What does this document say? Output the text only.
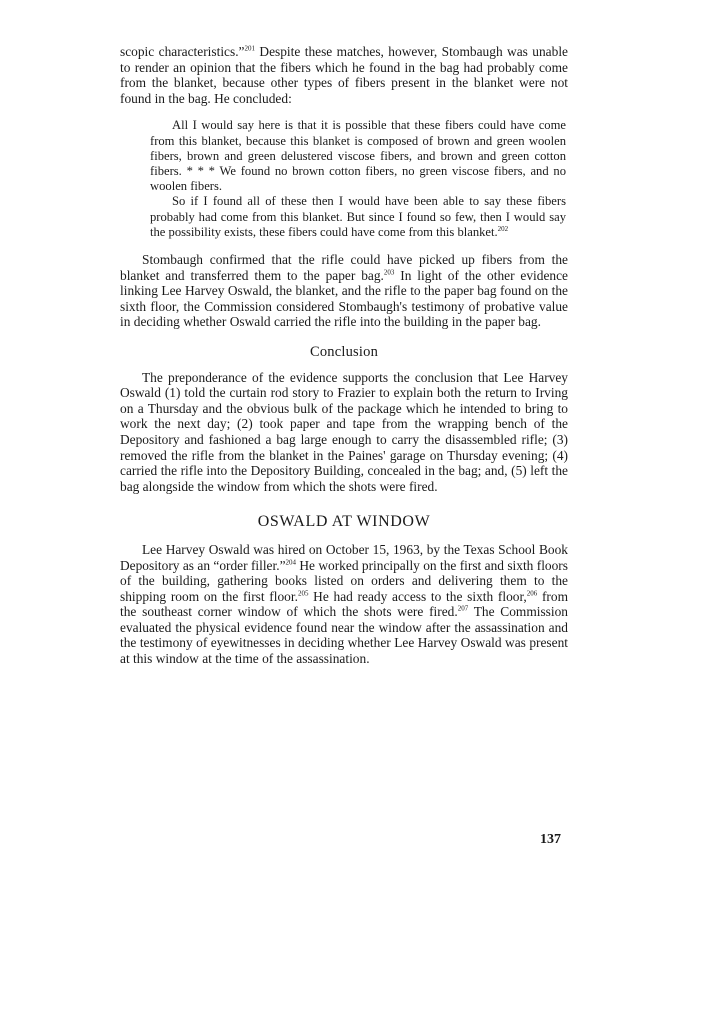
scopic characteristics.”$^{201}$ Despite these matches, however, Stombaugh was unable to render an opinion that the fibers which he found in the bag had probably come from the blanket, because other types of fibers present in the blanket were not found in the bag. He concluded:

All I would say here is that it is possible that these fibers could have come from this blanket, because this blanket is composed of brown and green woolen fibers, brown and green delustered viscose fibers, and brown and green cotton fibers. * * * We found no brown cotton fibers, no green viscose fibers, and no woolen fibers.

So if I found all of these then I would have been able to say these fibers probably had come from this blanket. But since I found so few, then I would say the possibility exists, these fibers could have come from this blanket.$^{202}$

Stombaugh confirmed that the rifle could have picked up fibers from the blanket and transferred them to the paper bag.$^{203}$ In light of the other evidence linking Lee Harvey Oswald, the blanket, and the rifle to the paper bag found on the sixth floor, the Commission considered Stombaugh's testimony of probative value in deciding whether Oswald carried the rifle into the building in the paper bag.

Conclusion

The preponderance of the evidence supports the conclusion that Lee Harvey Oswald (1) told the curtain rod story to Frazier to explain both the return to Irving on a Thursday and the obvious bulk of the package which he intended to bring to work the next day; (2) took paper and tape from the wrapping bench of the Depository and fashioned a bag large enough to carry the disassembled rifle; (3) removed the rifle from the blanket in the Paines' garage on Thursday evening; (4) carried the rifle into the Depository Building, concealed in the bag; and, (5) left the bag alongside the window from which the shots were fired.

OSWALD AT WINDOW

Lee Harvey Oswald was hired on October 15, 1963, by the Texas School Book Depository as an “order filler.”$^{204}$ He worked principally on the first and sixth floors of the building, gathering books listed on orders and delivering them to the shipping room on the first floor.$^{205}$ He had ready access to the sixth floor,$^{206}$ from the southeast corner window of which the shots were fired.$^{207}$ The Commission evaluated the physical evidence found near the window after the assassination and the testimony of eyewitnesses in deciding whether Lee Harvey Oswald was present at this window at the time of the assassination.

137
